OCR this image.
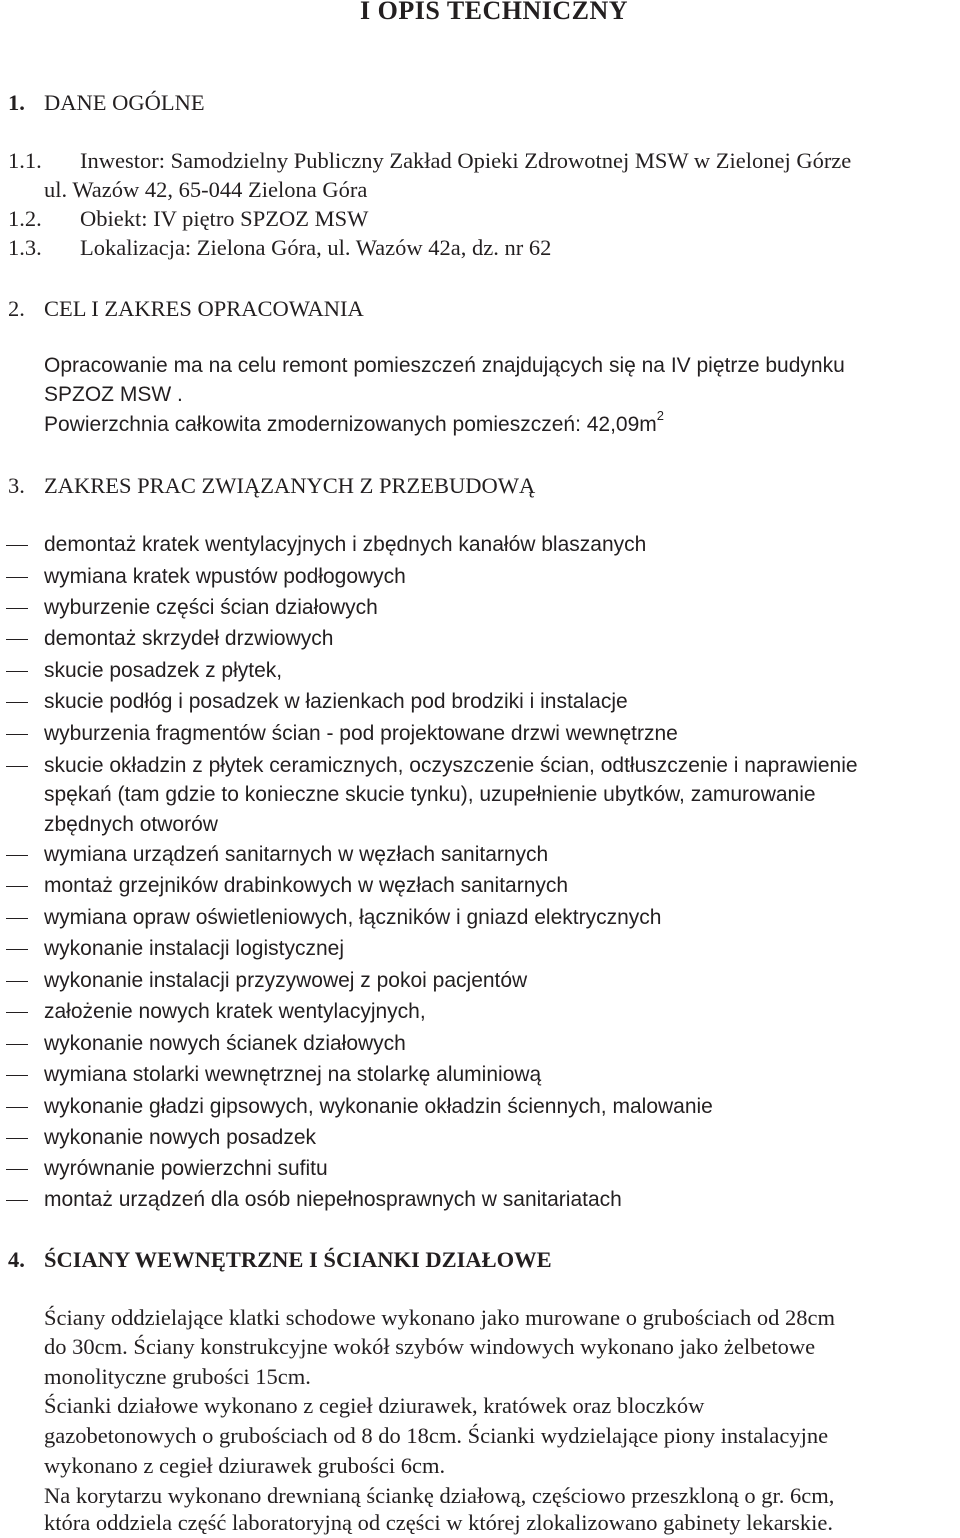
I OPIS TECHNICZNY
1. DANE OGÓLNE
1.1. Inwestor: Samodzielny Publiczny Zakład Opieki Zdrowotnej MSW w Zielonej Górze
ul. Wazów 42, 65-044 Zielona Góra
1.2. Obiekt: IV piętro SPZOZ MSW
1.3. Lokalizacja: Zielona Góra, ul. Wazów 42a, dz. nr 62
2. CEL I ZAKRES OPRACOWANIA
Opracowanie ma na celu remont pomieszczeń znajdujących się na IV piętrze budynku
SPZOZ MSW .
Powierzchnia całkowita zmodernizowanych pomieszczeń: $42,09m^2$
3. ZAKRES PRAC ZWIĄZANYCH Z PRZEBUDOWĄ
demontaż kratek wentylacyjnych i zbędnych kanałów blaszanych
wymiana kratek wpustów podłogowych
wyburzenie części ścian działowych
demontaż skrzydeł drzwiowych
skucie posadzek z płytek,
skucie podłóg i posadzek w łazienkach pod brodziki i instalacje
wyburzenia fragmentów ścian - pod projektowane drzwi wewnętrzne
skucie okładzin z płytek ceramicznych, oczyszczenie ścian, odtłuszczenie i naprawienie
spękań (tam gdzie to konieczne skucie tynku), uzupełnienie ubytków, zamurowanie
zbędnych otworów
wymiana urządzeń sanitarnych w węzłach sanitarnych
montaż grzejników drabinkowych w węzłach sanitarnych
wymiana opraw oświetleniowych, łączników i gniazd elektrycznych
wykonanie instalacji logistycznej
wykonanie instalacji przyzywowej z pokoi pacjentów
założenie nowych kratek wentylacyjnych,
wykonanie nowych ścianek działowych
wymiana stolarki wewnętrznej na stolarkę aluminiową
wykonanie gładzi gipsowych, wykonanie okładzin ściennych, malowanie
wykonanie nowych posadzek
wyrównanie powierzchni sufitu
montaż urządzeń dla osób niepełnosprawnych w sanitariatach
4. ŚCIANY WEWNĘTRZNE I ŚCIANKI DZIAŁOWE
Ściany oddzielające klatki schodowe wykonano jako murowane o grubościach od 28cm
do 30cm. Ściany konstrukcyjne wokół szybów windowych wykonano jako żelbetowe
monolityczne grubości 15cm.
Ścianki działowe wykonano z cegieł dziurawek, kratówek oraz bloczków
gazobetonowych o grubościach od 8 do 18cm. Ścianki wydzielające piony instalacyjne
wykonano z cegieł dziurawek grubości 6cm.
Na korytarzu wykonano drewnianą ściankę działową, częściowo przeszkloną o gr. 6cm,
która oddziela część laboratoryjną od części w której zlokalizowano gabinety lekarskie.
